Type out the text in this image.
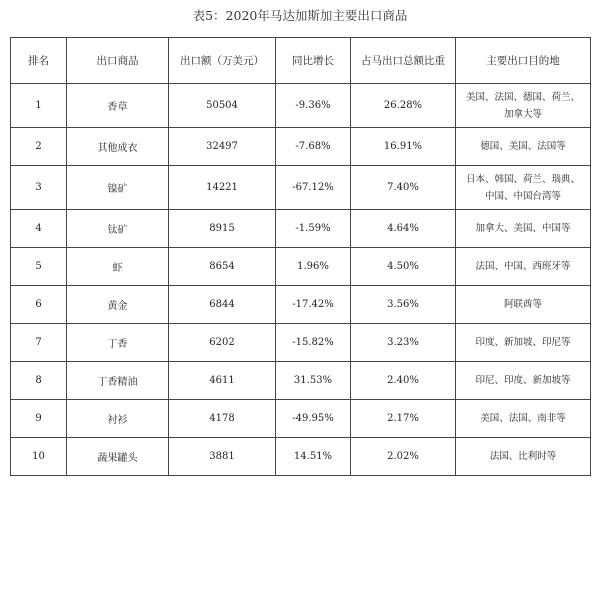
表5：2020年马达加斯加主要出口商品
排名	出口商品	出口额（万美元）	同比增长	占马出口总额比重	主要出口目的地
1	香草	50504	-9.36%	26.28%	美国、法国、德国、荷兰、加拿大等
2	其他成衣	32497	-7.68%	16.91%	德国、美国、法国等
3	镍矿	14221	-67.12%	7.40%	日本、韩国、荷兰、瑞典、中国、中国台湾等
4	钛矿	8915	-1.59%	4.64%	加拿大、美国、中国等
5	虾	8654	1.96%	4.50%	法国、中国、西班牙等
6	黄金	6844	-17.42%	3.56%	阿联酋等
7	丁香	6202	-15.82%	3.23%	印度、新加坡、印尼等
8	丁香精油	4611	31.53%	2.40%	印尼、印度、新加坡等
9	衬衫	4178	-49.95%	2.17%	美国、法国、南非等
10	蔬果罐头	3881	14.51%	2.02%	法国、比利时等
